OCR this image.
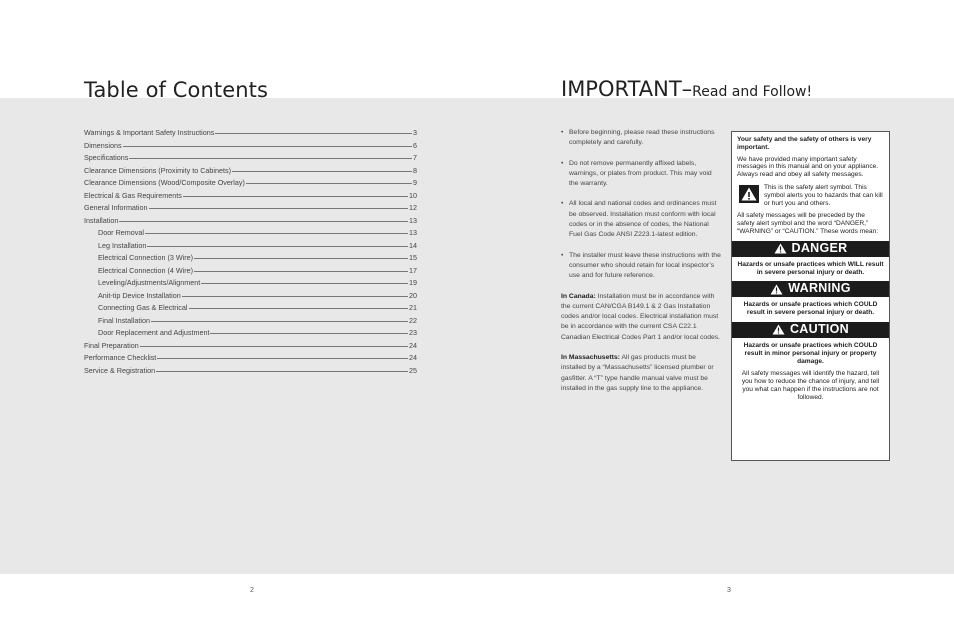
Table of Contents
Warnings & Important Safety Instructions	3
Dimensions	6
Specifications	7
Clearance Dimensions (Proximity to Cabinets)	8
Clearance Dimensions (Wood/Composite Overlay)	9
Electrical & Gas Requirements	10
General Information	12
Installation	13
Door Removal	13
Leg Installation	14
Electrical Connection (3 Wire)	15
Electrical Connection (4 Wire)	17
Leveling/Adjustments/Alignment	19
Anit-tip Device Installation	20
Connecting Gas & Electrical	21
Final Installation	22
Door Replacement and Adjustment	23
Final Preparation	24
Performance Checklist	24
Service & Registration	25
IMPORTANT–Read and Follow!
• Before beginning, please read these instructions completely and carefully.
• Do not remove permanently affixed labels, warnings, or plates from product. This may void the warranty.
• All local and national codes and ordinances must be observed. Installation must conform with local codes or in the absence of codes, the National Fuel Gas Code ANSI Z223.1-latest edition.
• The installer must leave these instructions with the consumer who should retain for local inspector’s use and for future reference.
In Canada: Installation must be in accordance with the current CAN/CGA B149.1 & 2 Gas Installation codes and/or local codes. Electrical installation must be in accordance with the current CSA C22.1 Canadian Electrical Codes Part 1 and/or local codes.
In Massachusetts: All gas products must be installed by a “Massachusetts” licensed plumber or gasfitter. A “T” type handle manual valve must be installed in the gas supply line to the appliance.
Your safety and the safety of others is very important.
We have provided many important safety messages in this manual and on your appliance. Always read and obey all safety messages.
This is the safety alert symbol. This symbol alerts you to hazards that can kill or hurt you and others.
All safety messages will be preceded by the safety alert symbol and the word “DANGER,” “WARNING” or “CAUTION.” These words mean:
DANGER
Hazards or unsafe practices which WILL result in severe personal injury or death.
WARNING
Hazards or unsafe practices which COULD result in severe personal injury or death.
CAUTION
Hazards or unsafe practices which COULD result in minor personal injury or property damage.
All safety messages will identify the hazard, tell you how to reduce the chance of injury, and tell you what can happen if the instructions are not followed.
2	3
